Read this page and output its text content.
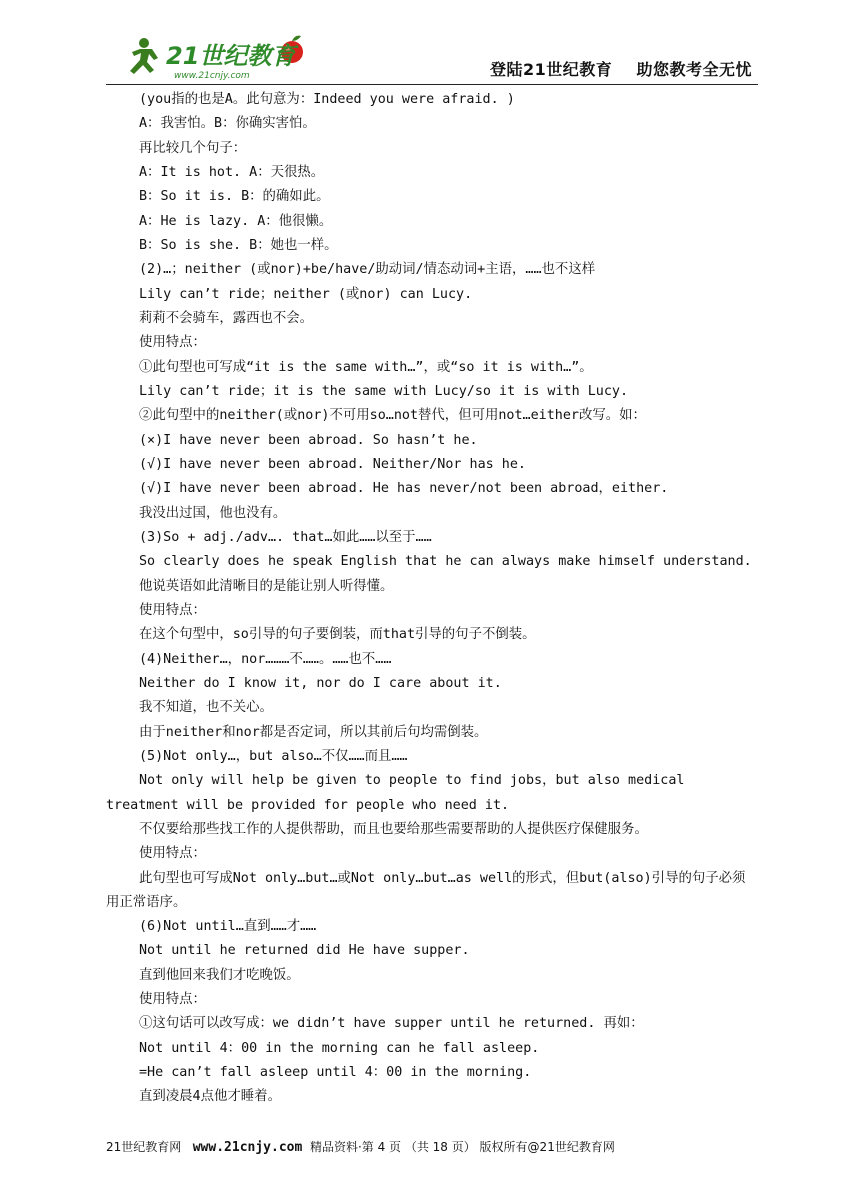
21世纪教育
www.21cnjy.com	登陆21世纪教育    助您教考全无忧
(you指的也是A。此句意为：Indeed you were afraid. )
A：我害怕。B：你确实害怕。
再比较几个句子：
A：It is hot. A：天很热。
B：So it is. B：的确如此。
A：He is lazy. A：他很懒。
B：So is she. B：她也一样。
(2)…；neither (或nor)+be/have/助动词/情态动词+主语，……也不这样
Lily can’t ride；neither (或nor) can Lucy.
莉莉不会骑车，露西也不会。
使用特点：
①此句型也可写成“it is the same with…”，或“so it is with…”。
Lily can’t ride；it is the same with Lucy/so it is with Lucy.
②此句型中的neither(或nor)不可用so…not替代，但可用not…either改写。如：
(×)I have never been abroad. So hasn’t he.
(√)I have never been abroad. Neither/Nor has he.
(√)I have never been abroad. He has never/not been abroad，either.
我没出过国，他也没有。
(3)So + adj./adv…. that…如此……以至于……
So clearly does he speak English that he can always make himself understand.
他说英语如此清晰目的是能让别人听得懂。
使用特点：
在这个句型中，so引导的句子要倒装，而that引导的句子不倒装。
(4)Neither…，nor………不……。……也不……
Neither do I know it, nor do I care about it.
我不知道，也不关心。
由于neither和nor都是否定词，所以其前后句均需倒装。
(5)Not only…，but also…不仅……而且……
Not only will help be given to people to find jobs，but also medical treatment will be provided for people who need it.
不仅要给那些找工作的人提供帮助，而且也要给那些需要帮助的人提供医疗保健服务。
使用特点：
此句型也可写成Not only…but…或Not only…but…as well的形式，但but(also)引导的句子必须用正常语序。
(6)Not until…直到……才……
Not until he returned did He have supper.
直到他回来我们才吃晚饭。
使用特点：
①这句话可以改写成：we didn’t have supper until he returned. 再如：
Not until 4：00 in the morning can he fall asleep.
=He can’t fall asleep until 4：00 in the morning.
直到凌晨4点他才睡着。
21世纪教育网 www.21cnjy.com 精品资料·第 4 页 （共 18 页） 版权所有@21世纪教育网
